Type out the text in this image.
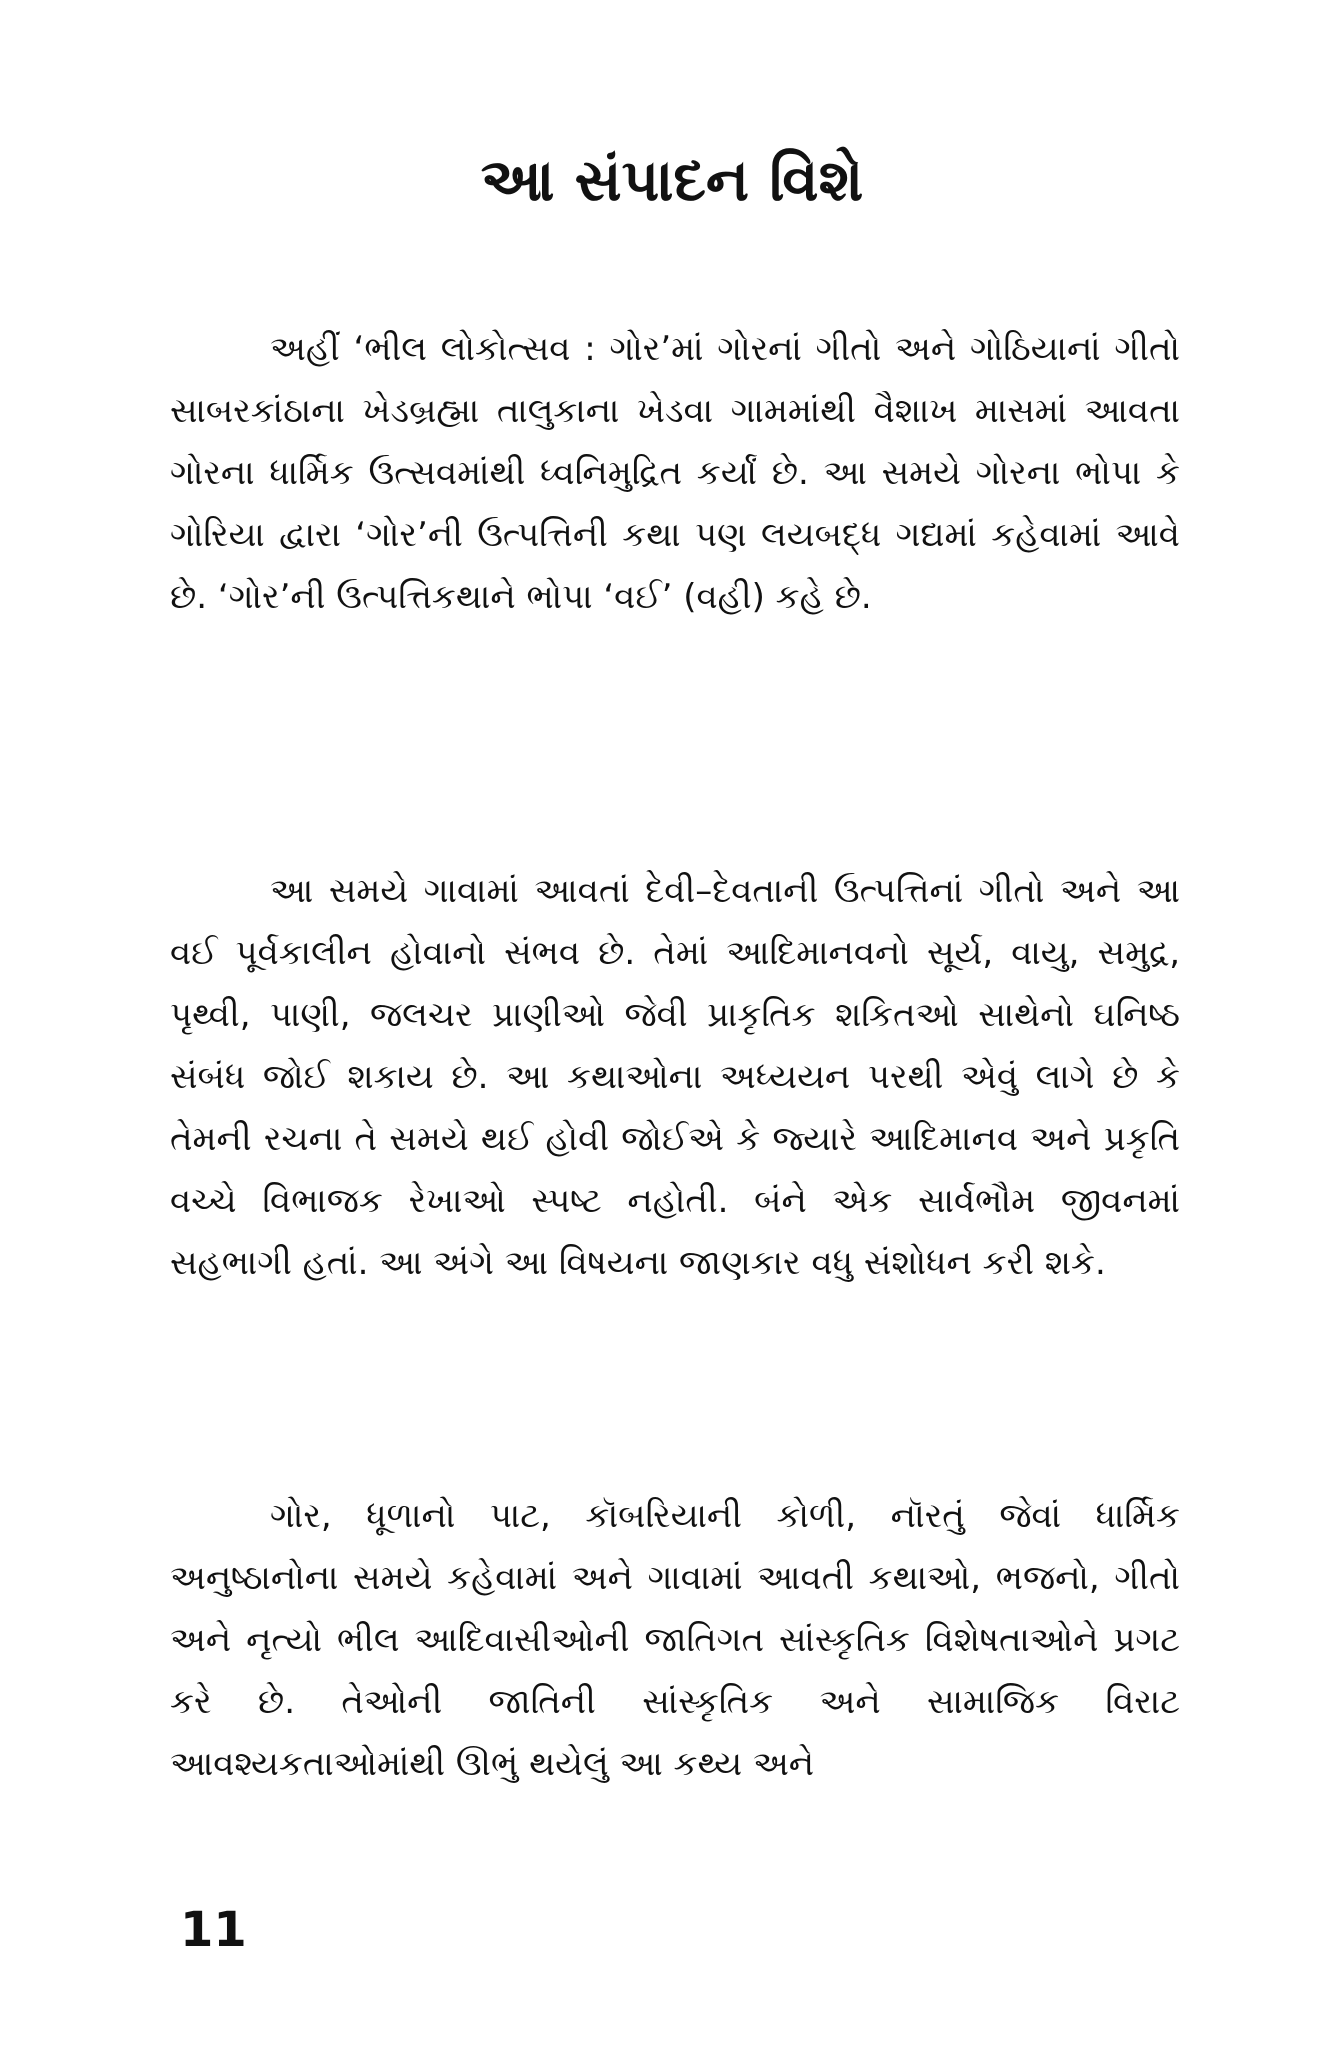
આ સંપાદન વિશે

અહીં ‘ભીલ લોકોત્સવ : ગોર’માં ગોરનાં ગીતો અને ગોઠિયાનાં ગીતો સાબરકાંઠાના ખેડબ્રહ્મા તાલુકાના ખેડવા ગામમાંથી વૈશાખ માસમાં આવતા ગોરના ધાર્મિક ઉત્સવમાંથી ધ્વનિમુદ્રિત કર્યાં છે. આ સમયે ગોરના ભોપા કે ગોરિયા દ્વારા ‘ગોર’ની ઉત્પત્તિની કથા પણ લયબદ્ધ ગદ્યમાં કહેવામાં આવે છે. ‘ગોર’ની ઉત્પત્તિકથાને ભોપા ‘વઈ’ (વહી) કહે છે.

આ સમયે ગાવામાં આવતાં દેવી–દેવતાની ઉત્પત્તિનાં ગીતો અને આ વઈ પૂર્વકાલીન હોવાનો સંભવ છે. તેમાં આદિમાનવનો સૂર્ય, વાયુ, સમુદ્ર, પૃથ્વી, પાણી, જલચર પ્રાણીઓ જેવી પ્રાકૃતિક શકિતઓ સાથેનો ઘનિષ્ઠ સંબંધ જોઈ શકાય છે. આ કથાઓના અધ્યયન પરથી એવું લાગે છે કે તેમની રચના તે સમયે થઈ હોવી જોઈએ કે જ્યારે આદિમાનવ અને પ્રકૃતિ વચ્ચે વિભાજક રેખાઓ સ્પષ્ટ નહોતી. બંને એક સાર્વભૌમ જીવનમાં સહભાગી હતાં. આ અંગે આ વિષયના જાણકાર વધુ સંશોધન કરી શકે.

ગોર, ધૂળાનો પાટ, કૉબરિયાની કોળી, નૉરતું જેવાં ધાર્મિક અનુષ્ઠાનોના સમયે કહેવામાં અને ગાવામાં આવતી કથાઓ, ભજનો, ગીતો અને નૃત્યો ભીલ આદિવાસીઓની જાતિગત સાંસ્કૃતિક વિશેષતાઓને પ્રગટ કરે છે. તેઓની જાતિની સાંસ્કૃતિક અને સામાજિક વિરાટ આવશ્યકતાઓમાંથી ઊભું થયેલું આ કથ્ય અને

11
